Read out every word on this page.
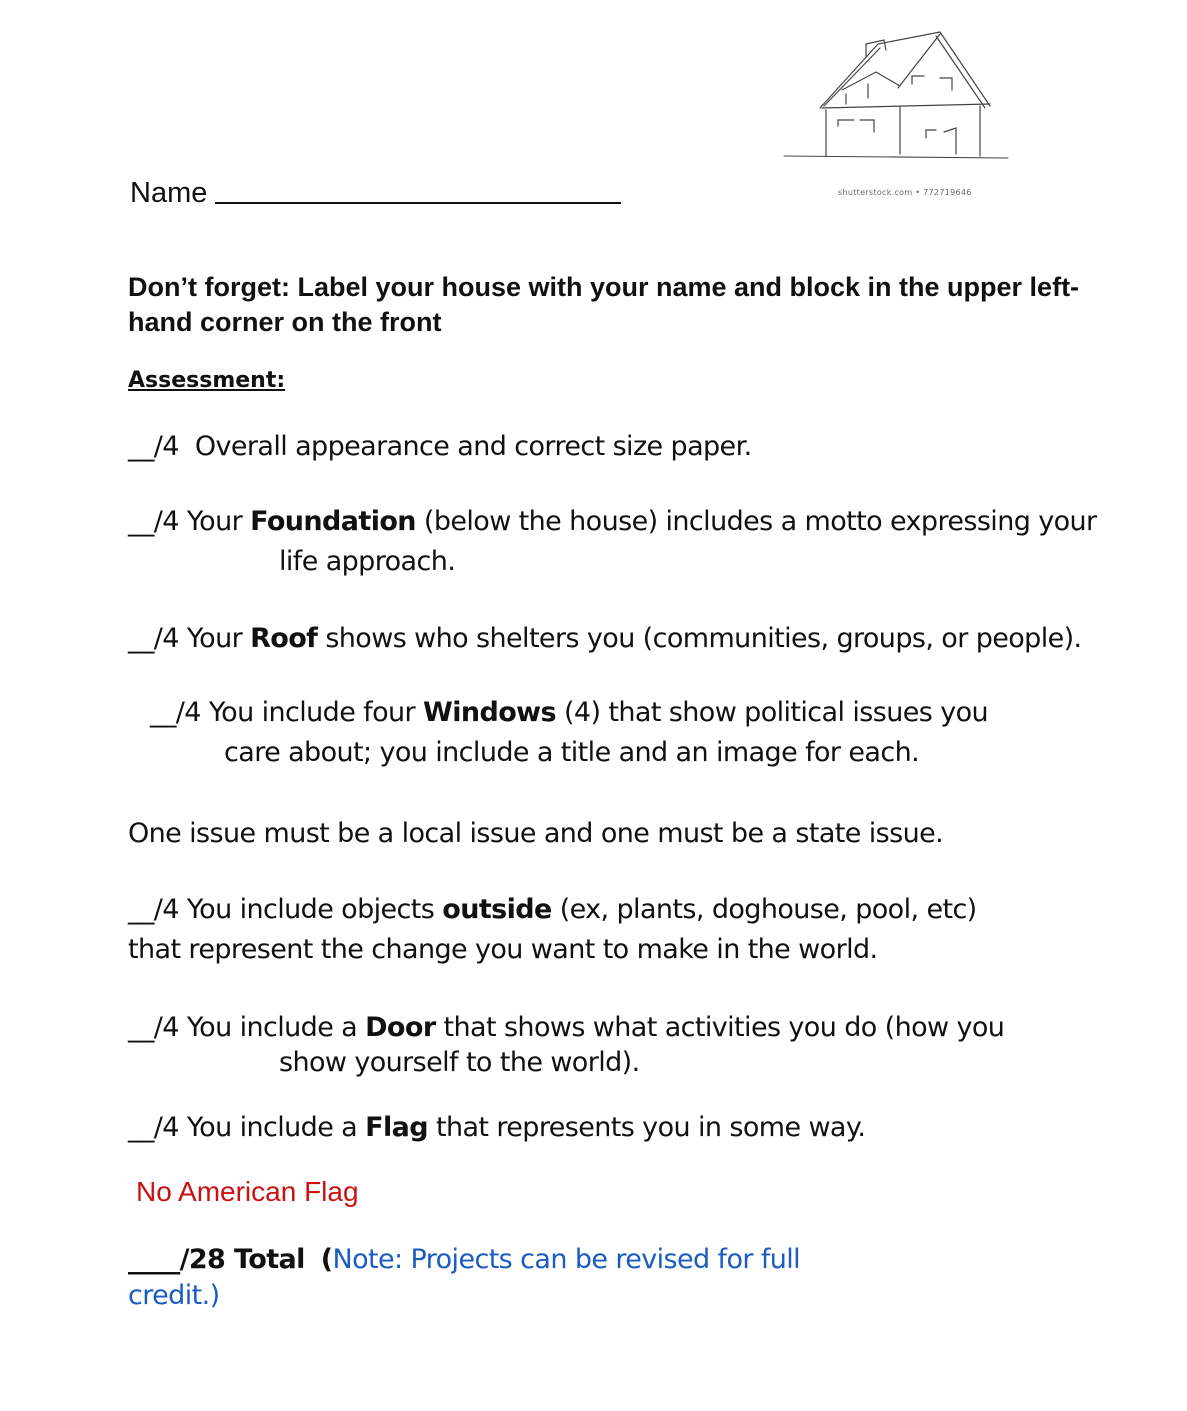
shutterstock.com • 772719646
Name
Don’t forget: Label your house with your name and block in the upper left-hand corner on the front
Assessment:
__/4 Overall appearance and correct size paper.
__/4 Your Foundation (below the house) includes a motto expressing your
life approach.
__/4 Your Roof shows who shelters you (communities, groups, or people).
__/4 You include four Windows (4) that show political issues you
care about; you include a title and an image for each.
One issue must be a local issue and one must be a state issue.
__/4 You include objects outside (ex, plants, doghouse, pool, etc)
that represent the change you want to make in the world.
__/4 You include a Door that shows what activities you do (how you
show yourself to the world).
__/4 You include a Flag that represents you in some way.
No American Flag
____/28 Total (Note: Projects can be revised for full
credit.)
